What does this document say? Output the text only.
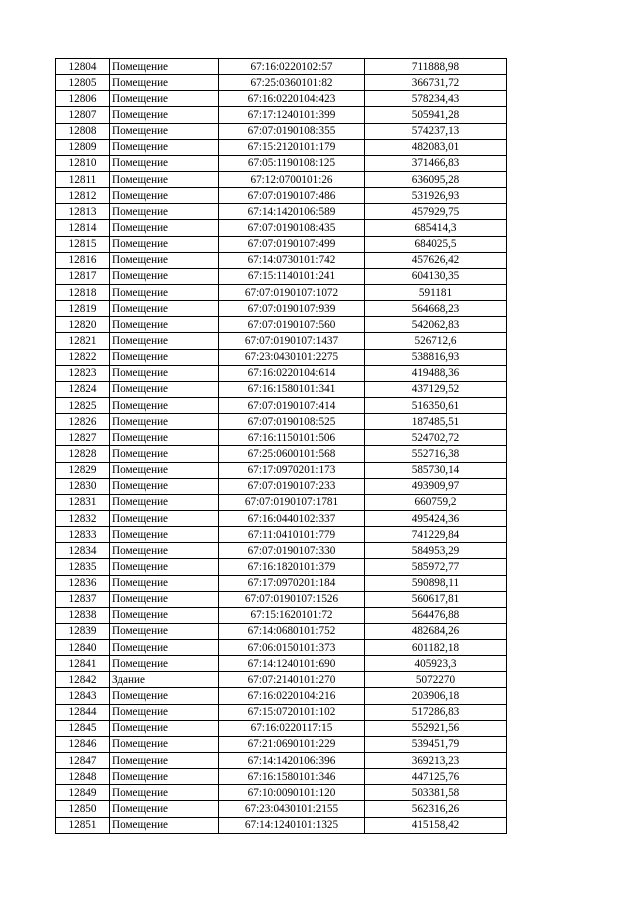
12804	Помещение	67:16:0220102:57	711888,98
12805	Помещение	67:25:0360101:82	366731,72
12806	Помещение	67:16:0220104:423	578234,43
12807	Помещение	67:17:1240101:399	505941,28
12808	Помещение	67:07:0190108:355	574237,13
12809	Помещение	67:15:2120101:179	482083,01
12810	Помещение	67:05:1190108:125	371466,83
12811	Помещение	67:12:0700101:26	636095,28
12812	Помещение	67:07:0190107:486	531926,93
12813	Помещение	67:14:1420106:589	457929,75
12814	Помещение	67:07:0190108:435	685414,3
12815	Помещение	67:07:0190107:499	684025,5
12816	Помещение	67:14:0730101:742	457626,42
12817	Помещение	67:15:1140101:241	604130,35
12818	Помещение	67:07:0190107:1072	591181
12819	Помещение	67:07:0190107:939	564668,23
12820	Помещение	67:07:0190107:560	542062,83
12821	Помещение	67:07:0190107:1437	526712,6
12822	Помещение	67:23:0430101:2275	538816,93
12823	Помещение	67:16:0220104:614	419488,36
12824	Помещение	67:16:1580101:341	437129,52
12825	Помещение	67:07:0190107:414	516350,61
12826	Помещение	67:07:0190108:525	187485,51
12827	Помещение	67:16:1150101:506	524702,72
12828	Помещение	67:25:0600101:568	552716,38
12829	Помещение	67:17:0970201:173	585730,14
12830	Помещение	67:07:0190107:233	493909,97
12831	Помещение	67:07:0190107:1781	660759,2
12832	Помещение	67:16:0440102:337	495424,36
12833	Помещение	67:11:0410101:779	741229,84
12834	Помещение	67:07:0190107:330	584953,29
12835	Помещение	67:16:1820101:379	585972,77
12836	Помещение	67:17:0970201:184	590898,11
12837	Помещение	67:07:0190107:1526	560617,81
12838	Помещение	67:15:1620101:72	564476,88
12839	Помещение	67:14:0680101:752	482684,26
12840	Помещение	67:06:0150101:373	601182,18
12841	Помещение	67:14:1240101:690	405923,3
12842	Здание	67:07:2140101:270	5072270
12843	Помещение	67:16:0220104:216	203906,18
12844	Помещение	67:15:0720101:102	517286,83
12845	Помещение	67:16:0220117:15	552921,56
12846	Помещение	67:21:0690101:229	539451,79
12847	Помещение	67:14:1420106:396	369213,23
12848	Помещение	67:16:1580101:346	447125,76
12849	Помещение	67:10:0090101:120	503381,58
12850	Помещение	67:23:0430101:2155	562316,26
12851	Помещение	67:14:1240101:1325	415158,42
